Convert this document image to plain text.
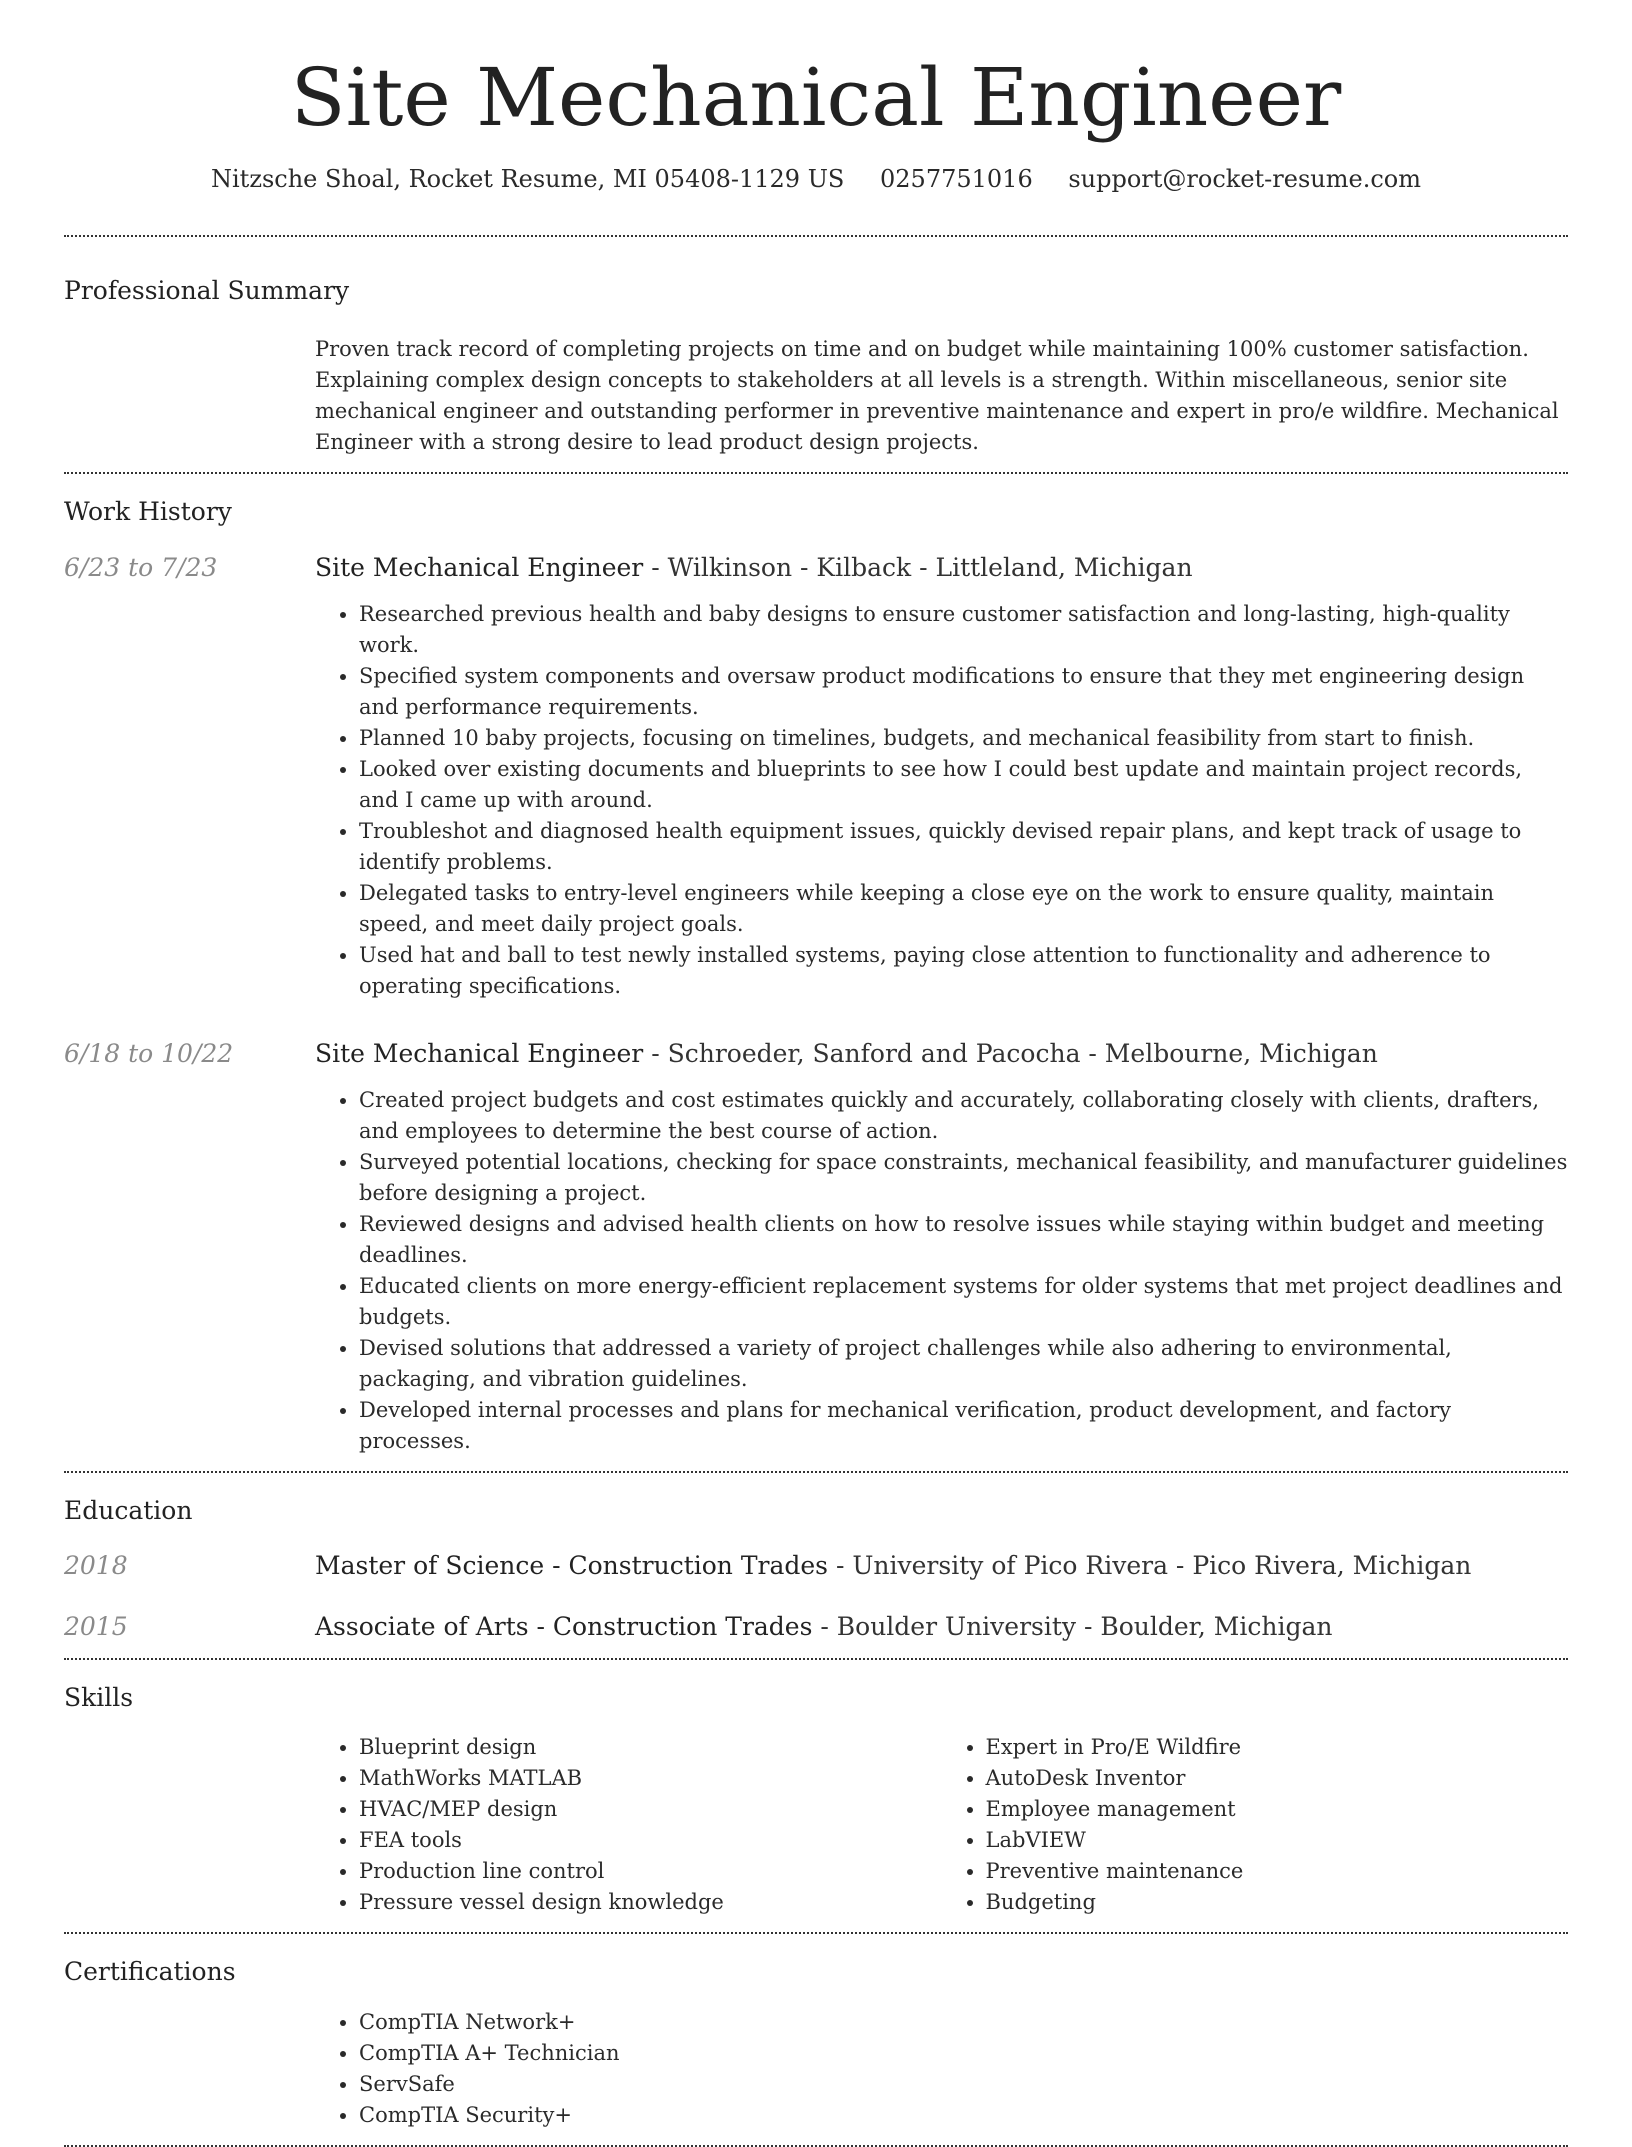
Site Mechanical Engineer
Nitzsche Shoal, Rocket Resume, MI 05408-1129 US 0257751016 support@rocket-resume.com
Professional Summary

Proven track record of completing projects on time and on budget while maintaining 100% customer satisfaction. Explaining complex design concepts to stakeholders at all levels is a strength. Within miscellaneous, senior site mechanical engineer and outstanding performer in preventive maintenance and expert in pro/e wildfire. Mechanical Engineer with a strong desire to lead product design projects.

Work History
6/23 to 7/23	Site Mechanical Engineer - Wilkinson - Kilback - Littleland, Michigan
• Researched previous health and baby designs to ensure customer satisfaction and long-lasting, high-quality work.
• Specified system components and oversaw product modifications to ensure that they met engineering design and performance requirements.
• Planned 10 baby projects, focusing on timelines, budgets, and mechanical feasibility from start to finish.
• Looked over existing documents and blueprints to see how I could best update and maintain project records, and I came up with around.
• Troubleshot and diagnosed health equipment issues, quickly devised repair plans, and kept track of usage to identify problems.
• Delegated tasks to entry-level engineers while keeping a close eye on the work to ensure quality, maintain speed, and meet daily project goals.
• Used hat and ball to test newly installed systems, paying close attention to functionality and adherence to operating specifications.
6/18 to 10/22	Site Mechanical Engineer - Schroeder, Sanford and Pacocha - Melbourne, Michigan
• Created project budgets and cost estimates quickly and accurately, collaborating closely with clients, drafters, and employees to determine the best course of action.
• Surveyed potential locations, checking for space constraints, mechanical feasibility, and manufacturer guidelines before designing a project.
• Reviewed designs and advised health clients on how to resolve issues while staying within budget and meeting deadlines.
• Educated clients on more energy-efficient replacement systems for older systems that met project deadlines and budgets.
• Devised solutions that addressed a variety of project challenges while also adhering to environmental, packaging, and vibration guidelines.
• Developed internal processes and plans for mechanical verification, product development, and factory processes.
Education
2018	Master of Science - Construction Trades - University of Pico Rivera - Pico Rivera, Michigan
2015	Associate of Arts - Construction Trades - Boulder University - Boulder, Michigan
Skills
• Blueprint design
• MathWorks MATLAB
• HVAC/MEP design
• FEA tools
• Production line control
• Pressure vessel design knowledge
• Expert in Pro/E Wildfire
• AutoDesk Inventor
• Employee management
• LabVIEW
• Preventive maintenance
• Budgeting
Certifications
• CompTIA Network+
• CompTIA A+ Technician
• ServSafe
• CompTIA Security+
